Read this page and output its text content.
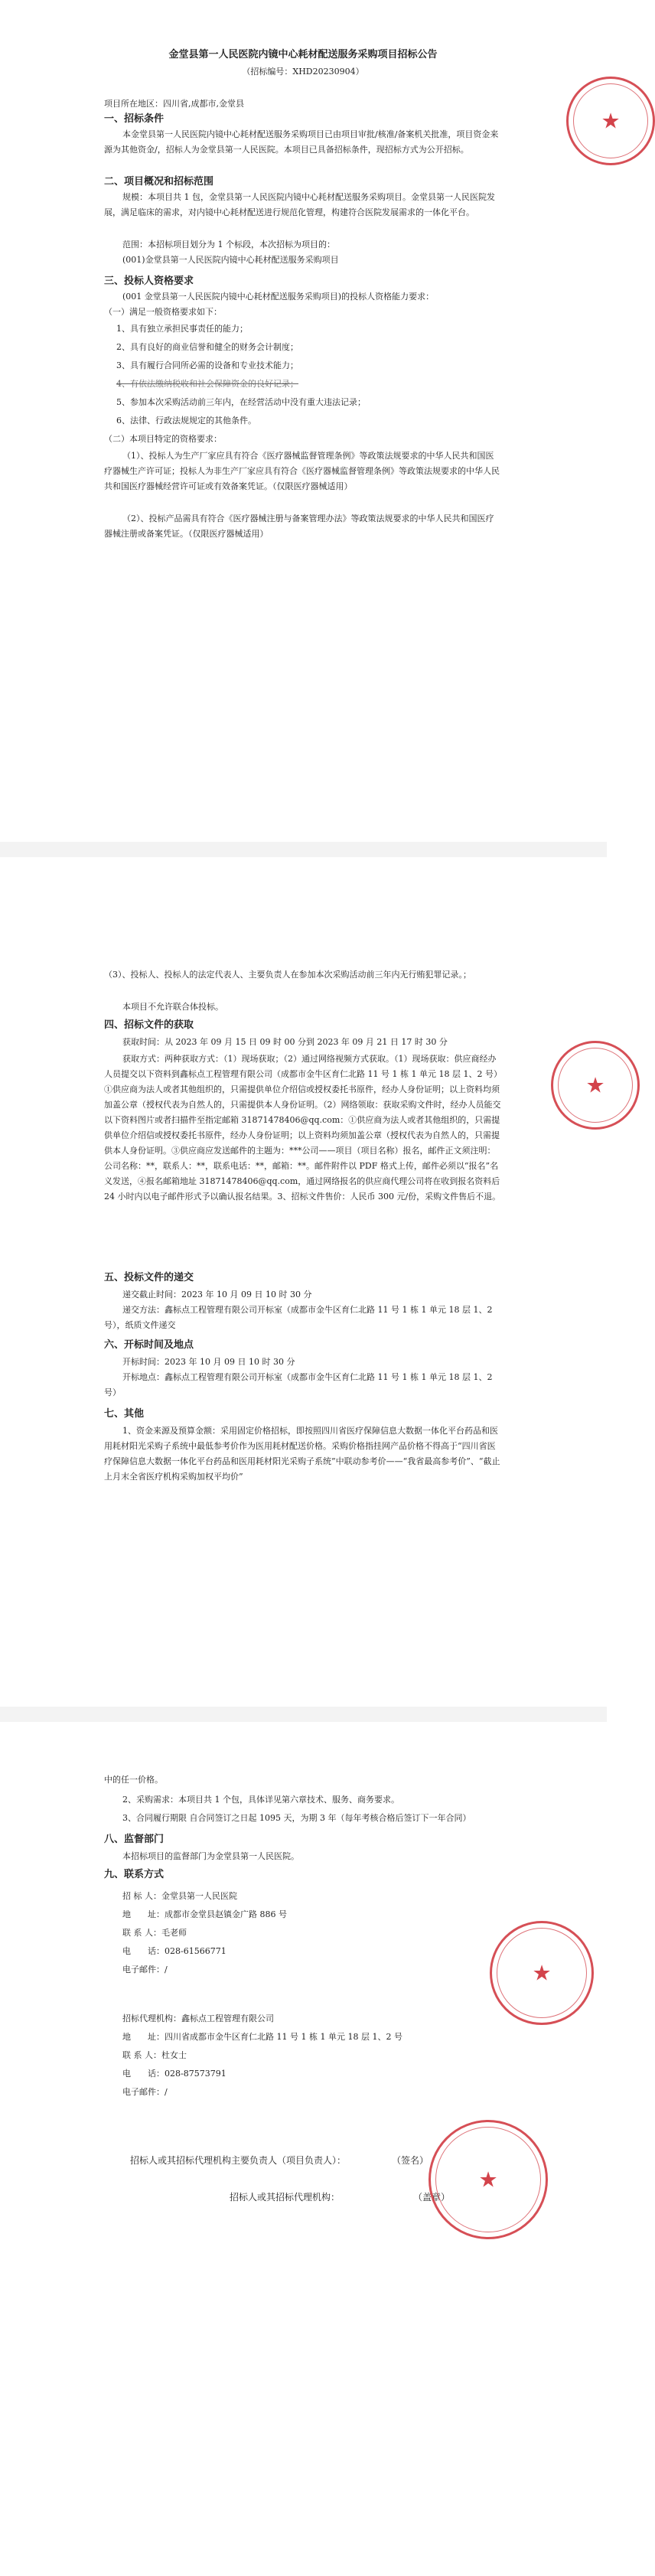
金堂县第一人民医院内镜中心耗材配送服务采购项目招标公告

（招标编号：XHD20230904）

项目所在地区：四川省,成都市,金堂县

一、招标条件

本金堂县第一人民医院内镜中心耗材配送服务采购项目已由项目审批/核准/备案机关批准，项目资金来源为其他资金/，招标人为金堂县第一人民医院。本项目已具备招标条件，现招标方式为公开招标。

二、项目概况和招标范围

规模：本项目共 1 包，金堂县第一人民医院内镜中心耗材配送服务采购项目。金堂县第一人民医院发展，满足临床的需求，对内镜中心耗材配送进行规范化管理，构建符合医院发展需求的一体化平台。

范围：本招标项目划分为 1 个标段，本次招标为项目的：

(001)金堂县第一人民医院内镜中心耗材配送服务采购项目

三、投标人资格要求

(001 金堂县第一人民医院内镜中心耗材配送服务采购项目)的投标人资格能力要求：

（一）满足一般资格要求如下：

1、具有独立承担民事责任的能力；

2、具有良好的商业信誉和健全的财务会计制度；

3、具有履行合同所必需的设备和专业技术能力；

4、有依法缴纳税收和社会保障资金的良好记录；

5、参加本次采购活动前三年内，在经营活动中没有重大违法记录；

6、法律、行政法规规定的其他条件。

（二）本项目特定的资格要求：

（1）、投标人为生产厂家应具有符合《医疗器械监督管理条例》等政策法规要求的中华人民共和国医疗器械生产许可证；投标人为非生产厂家应具有符合《医疗器械监督管理条例》等政策法规要求的中华人民共和国医疗器械经营许可证或有效备案凭证。（仅限医疗器械适用）

（2）、投标产品需具有符合《医疗器械注册与备案管理办法》等政策法规要求的中华人民共和国医疗器械注册或备案凭证。（仅限医疗器械适用）

★

（3）、投标人、投标人的法定代表人、主要负责人在参加本次采购活动前三年内无行贿犯罪记录。；

本项目不允许联合体投标。

四、招标文件的获取

获取时间：从 2023 年 09 月 15 日 09 时 00 分到 2023 年 09 月 21 日 17 时 30 分

获取方式：两种获取方式：（1）现场获取；（2）通过网络视频方式获取。（1）现场获取：供应商经办人员提交以下资料到鑫标点工程管理有限公司（成都市金牛区育仁北路 11 号 1 栋 1 单元 18 层 1、2 号）①供应商为法人或者其他组织的，只需提供单位介绍信或授权委托书原件，经办人身份证明；以上资料均须加盖公章（授权代表为自然人的，只需提供本人身份证明。（2）网络领取：获取采购文件时，经办人员能交以下资料图片或者扫描件至指定邮箱 31871478406@qq.com：①供应商为法人或者其他组织的，只需提供单位介绍信或授权委托书原件，经办人身份证明；以上资料均须加盖公章（授权代表为自然人的，只需提供本人身份证明。③供应商应发送邮件的主题为：***公司——项目（项目名称）报名，邮件正文须注明：公司名称：**，联系人：**，联系电话：**，邮箱：**。邮件附件以 PDF 格式上传，邮件必须以“报名”名义发送，④报名邮箱地址 31871478406@qq.com，通过网络报名的供应商代理公司将在收到报名资料后 24 小时内以电子邮件形式予以确认报名结果。3、招标文件售价：人民币 300 元/份，采购文件售后不退。

五、投标文件的递交

递交截止时间：2023 年 10 月 09 日 10 时 30 分

递交方法：鑫标点工程管理有限公司开标室（成都市金牛区育仁北路 11 号 1 栋 1 单元 18 层 1、2 号），纸质文件递交

六、开标时间及地点

开标时间：2023 年 10 月 09 日 10 时 30 分

开标地点：鑫标点工程管理有限公司开标室（成都市金牛区育仁北路 11 号 1 栋 1 单元 18 层 1、2 号）

七、其他

1、资金来源及预算金额：采用固定价格招标，即按照四川省医疗保障信息大数据一体化平台药品和医用耗材阳光采购子系统中最低参考价作为医用耗材配送价格。采购价格指挂网产品价格不得高于“四川省医疗保障信息大数据一体化平台药品和医用耗材阳光采购子系统”中联动参考价——“我省最高参考价”、“截止上月末全省医疗机构采购加权平均价”

★

中的任一价格。

2、采购需求：本项目共 1 个包，具体详见第六章技术、服务、商务要求。

3、合同履行期限 自合同签订之日起 1095 天，为期 3 年（每年考核合格后签订下一年合同）

八、监督部门

本招标项目的监督部门为金堂县第一人民医院。

九、联系方式

招 标 人：金堂县第一人民医院

地　　址：成都市金堂县赵镇金广路 886 号

联 系 人：毛老师

电　　话：028-61566771

电子邮件：/

招标代理机构：鑫标点工程管理有限公司

地　　址：四川省成都市金牛区育仁北路 11 号 1 栋 1 单元 18 层 1、2 号

联 系 人：杜女士

电　　话：028-87573791

电子邮件：/

招标人或其招标代理机构主要负责人（项目负责人）：　　　　　　（签名）

招标人或其招标代理机构：　　　　　　　　　（盖章）

★
★
